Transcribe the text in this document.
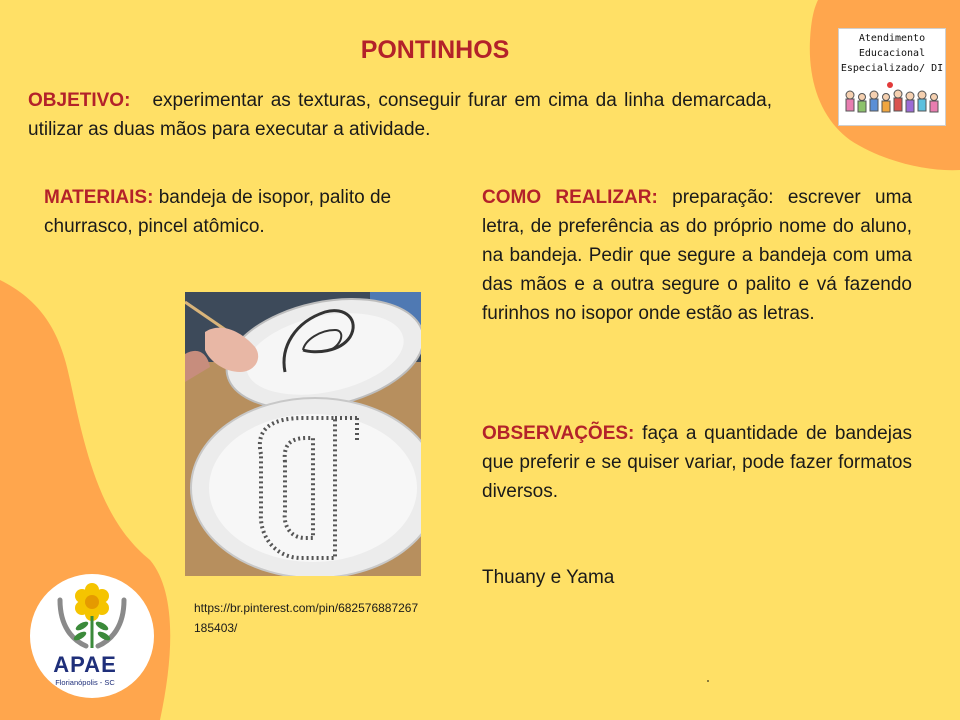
PONTINHOS
OBJETIVO: experimentar as texturas, conseguir furar em cima da linha demarcada, utilizar as duas mãos para executar a atividade.
MATERIAIS: bandeja de isopor, palito de churrasco, pincel atômico.
COMO REALIZAR: preparação: escrever uma letra, de preferência as do próprio nome do aluno, na bandeja. Pedir que segure a bandeja com uma das mãos e a outra segure o palito e vá fazendo furinhos no isopor onde estão as letras.
OBSERVAÇÕES: faça a quantidade de bandejas que preferir e se quiser variar, pode fazer formatos diversos.
Thuany e Yama
https://br.pinterest.com/pin/682576887267185403/
Atendimento
Educacional
Especializado/ DI
APAE
Florianópolis - SC
